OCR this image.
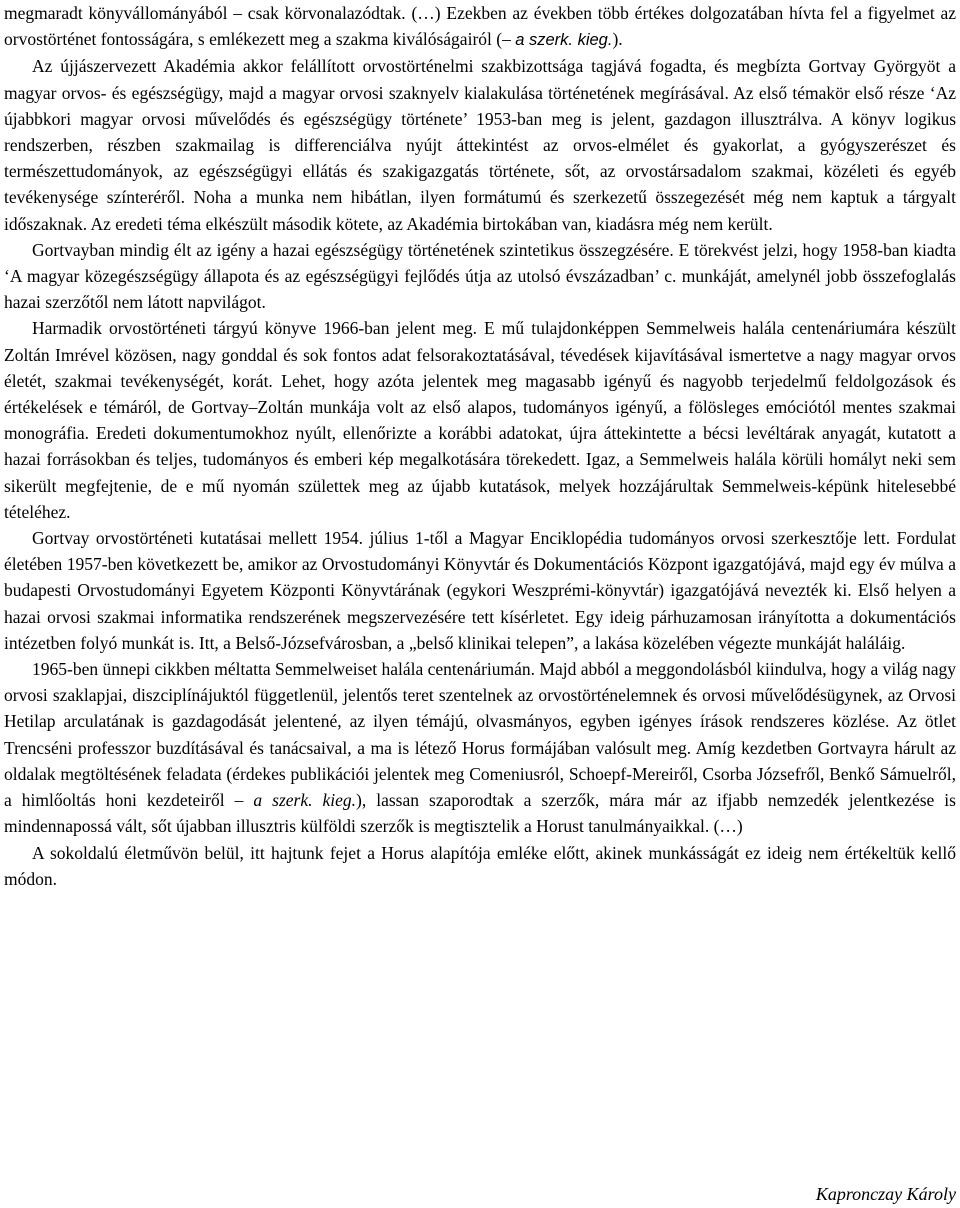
megmaradt könyvállományából – csak körvonalazódtak. (…) Ezekben az években több értékes dolgozatában hívta fel a figyelmet az orvostörténet fontosságára, s emlékezett meg a szakma kiválóságairól (– a szerk. kieg.).

Az újjászervezett Akadémia akkor felállított orvostörténelmi szakbizottsága tagjává fogadta, és megbízta Gortvay Györgyöt a magyar orvos- és egészségügy, majd a magyar orvosi szaknyelv kialakulása történetének megírásával. Az első témakör első része ‘Az újabbkori magyar orvosi művelődés és egészségügy története’ 1953-ban meg is jelent, gazdagon illusztrálva. A könyv logikus rendszerben, részben szakmailag is differenciálva nyújt áttekintést az orvos-elmélet és gyakorlat, a gyógyszerészet és természettudományok, az egészségügyi ellátás és szakigazgatás története, sőt, az orvostársadalom szakmai, közéleti és egyéb tevékenysége színteréről. Noha a munka nem hibátlan, ilyen formátumú és szerkezetű összegezését még nem kaptuk a tárgyalt időszaknak. Az eredeti téma elkészült második kötete, az Akadémia birtokában van, kiadásra még nem került.

Gortvayban mindig élt az igény a hazai egészségügy történetének szintetikus összegzésére. E törekvést jelzi, hogy 1958-ban kiadta ‘A magyar közegészségügy állapota és az egészségügyi fejlődés útja az utolsó évszázadban’ c. munkáját, amelynél jobb összefoglalás hazai szerzőtől nem látott napvilágot.

Harmadik orvostörténeti tárgyú könyve 1966-ban jelent meg. E mű tulajdonképpen Semmelweis halála centenáriumára készült Zoltán Imrével közösen, nagy gonddal és sok fontos adat felsorakoztatásával, tévedések kijavításával ismertetve a nagy magyar orvos életét, szakmai tevékenységét, korát. Lehet, hogy azóta jelentek meg magasabb igényű és nagyobb terjedelmű feldolgozások és értékelések e témáról, de Gortvay–Zoltán munkája volt az első alapos, tudományos igényű, a fölösleges emóciótól mentes szakmai monográfia. Eredeti dokumentumokhoz nyúlt, ellenőrizte a korábbi adatokat, újra áttekintette a bécsi levéltárak anyagát, kutatott a hazai forrásokban és teljes, tudományos és emberi kép megalkotására törekedett. Igaz, a Semmelweis halála körüli homályt neki sem sikerült megfejtenie, de e mű nyomán születtek meg az újabb kutatások, melyek hozzájárultak Semmelweis-képünk hitelesebbé tételéhez.

Gortvay orvostörténeti kutatásai mellett 1954. július 1-től a Magyar Enciklopédia tudományos orvosi szerkesztője lett. Fordulat életében 1957-ben következett be, amikor az Orvostudományi Könyvtár és Dokumentációs Központ igazgatójává, majd egy év múlva a budapesti Orvostudományi Egyetem Központi Könyvtárának (egykori Weszprémi-könyvtár) igazgatójává nevezték ki. Első helyen a hazai orvosi szakmai informatika rendszerének megszervezésére tett kísérletet. Egy ideig párhuzamosan irányította a dokumentációs intézetben folyó munkát is. Itt, a Belső-Józsefvárosban, a „belső klinikai telepen”, a lakása közelében végezte munkáját haláláig.

1965-ben ünnepi cikkben méltatta Semmelweiset halála centenáriumán. Majd abból a meggondolásból kiindulva, hogy a világ nagy orvosi szaklapjai, diszciplínájuktól függetlenül, jelentős teret szentelnek az orvostörténelemnek és orvosi művelődésügynek, az Orvosi Hetilap arculatának is gazdagodását jelentené, az ilyen témájú, olvasmányos, egyben igényes írások rendszeres közlése. Az ötlet Trencséni professzor buzdításával és tanácsaival, a ma is létező Horus formájában valósult meg. Amíg kezdetben Gortvayra hárult az oldalak megtöltésének feladata (érdekes publikációi jelentek meg Comeniusról, Schoepf-Mereiről, Csorba Józsefről, Benkő Sámuelről, a himlőoltás honi kezdeteiről – a szerk. kieg.), lassan szaporodtak a szerzők, mára már az ifjabb nemzedék jelentkezése is mindennapossá vált, sőt újabban illusztris külföldi szerzők is megtisztelik a Horust tanulmányaikkal. (…)

A sokoldalú életművön belül, itt hajtunk fejet a Horus alapítója emléke előtt, akinek munkásságát ez ideig nem értékeltük kellő módon.

Kapronczay Károly
